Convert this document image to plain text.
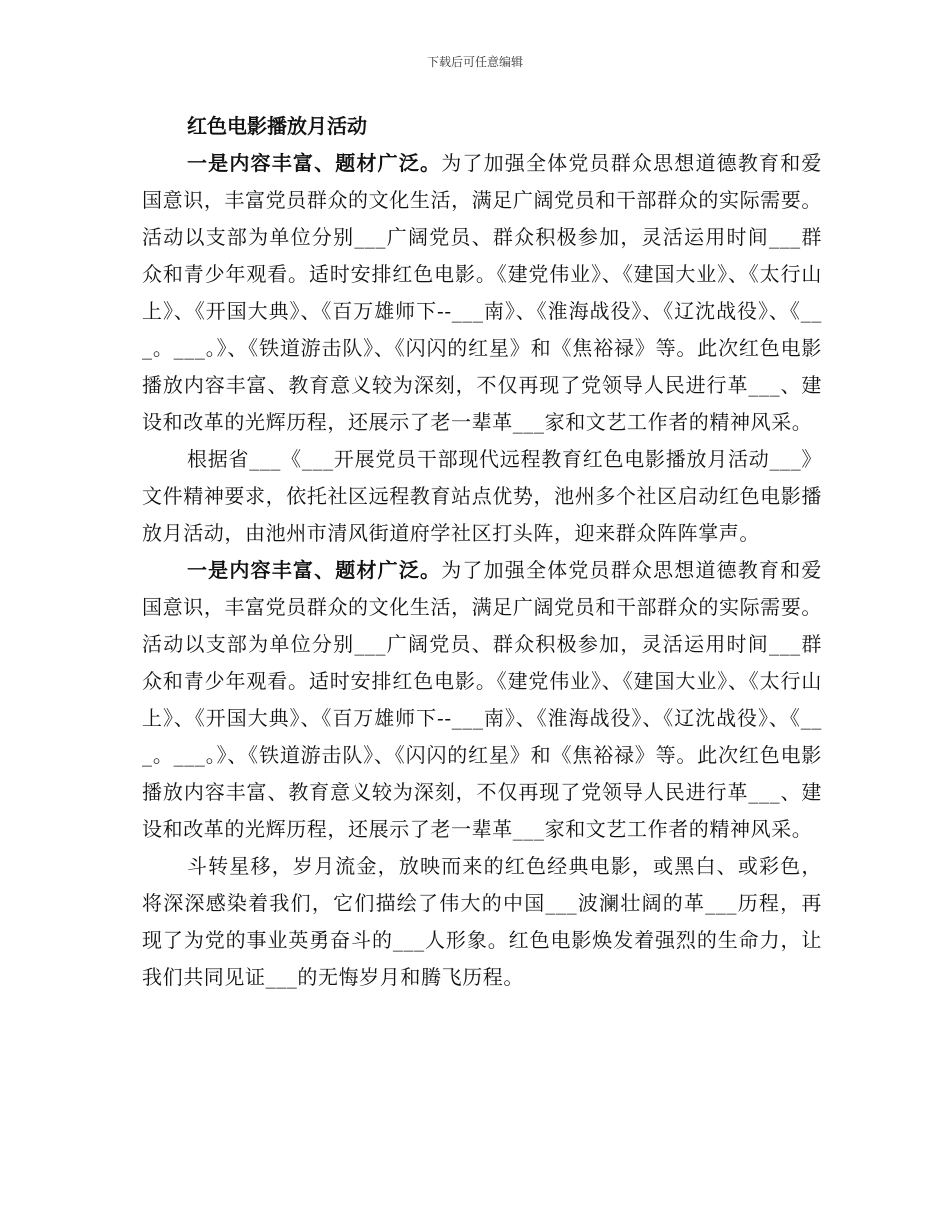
下载后可任意编辑

红色电影播放月活动

一是内容丰富、题材广泛。为了加强全体党员群众思想道德教育和爱国意识，丰富党员群众的文化生活，满足广阔党员和干部群众的实际需要。活动以支部为单位分别___广阔党员、群众积极参加，灵活运用时间___群众和青少年观看。适时安排红色电影。《建党伟业》、《建国大业》、《太行山上》、《开国大典》、《百万雄师下--___南》、《淮海战役》、《辽沈战役》、《___。___。》、《铁道游击队》、《闪闪的红星》和《焦裕禄》等。此次红色电影播放内容丰富、教育意义较为深刻，不仅再现了党领导人民进行革___、建设和改革的光辉历程，还展示了老一辈革___家和文艺工作者的精神风采。

根据省___《___开展党员干部现代远程教育红色电影播放月活动___》文件精神要求，依托社区远程教育站点优势，池州多个社区启动红色电影播放月活动，由池州市清风街道府学社区打头阵，迎来群众阵阵掌声。

一是内容丰富、题材广泛。为了加强全体党员群众思想道德教育和爱国意识，丰富党员群众的文化生活，满足广阔党员和干部群众的实际需要。活动以支部为单位分别___广阔党员、群众积极参加，灵活运用时间___群众和青少年观看。适时安排红色电影。《建党伟业》、《建国大业》、《太行山上》、《开国大典》、《百万雄师下--___南》、《淮海战役》、《辽沈战役》、《___。___。》、《铁道游击队》、《闪闪的红星》和《焦裕禄》等。此次红色电影播放内容丰富、教育意义较为深刻，不仅再现了党领导人民进行革___、建设和改革的光辉历程，还展示了老一辈革___家和文艺工作者的精神风采。

斗转星移，岁月流金，放映而来的红色经典电影，或黑白、或彩色，将深深感染着我们，它们描绘了伟大的中国___波澜壮阔的革___历程，再现了为党的事业英勇奋斗的___人形象。红色电影焕发着强烈的生命力，让我们共同见证___的无悔岁月和腾飞历程。
